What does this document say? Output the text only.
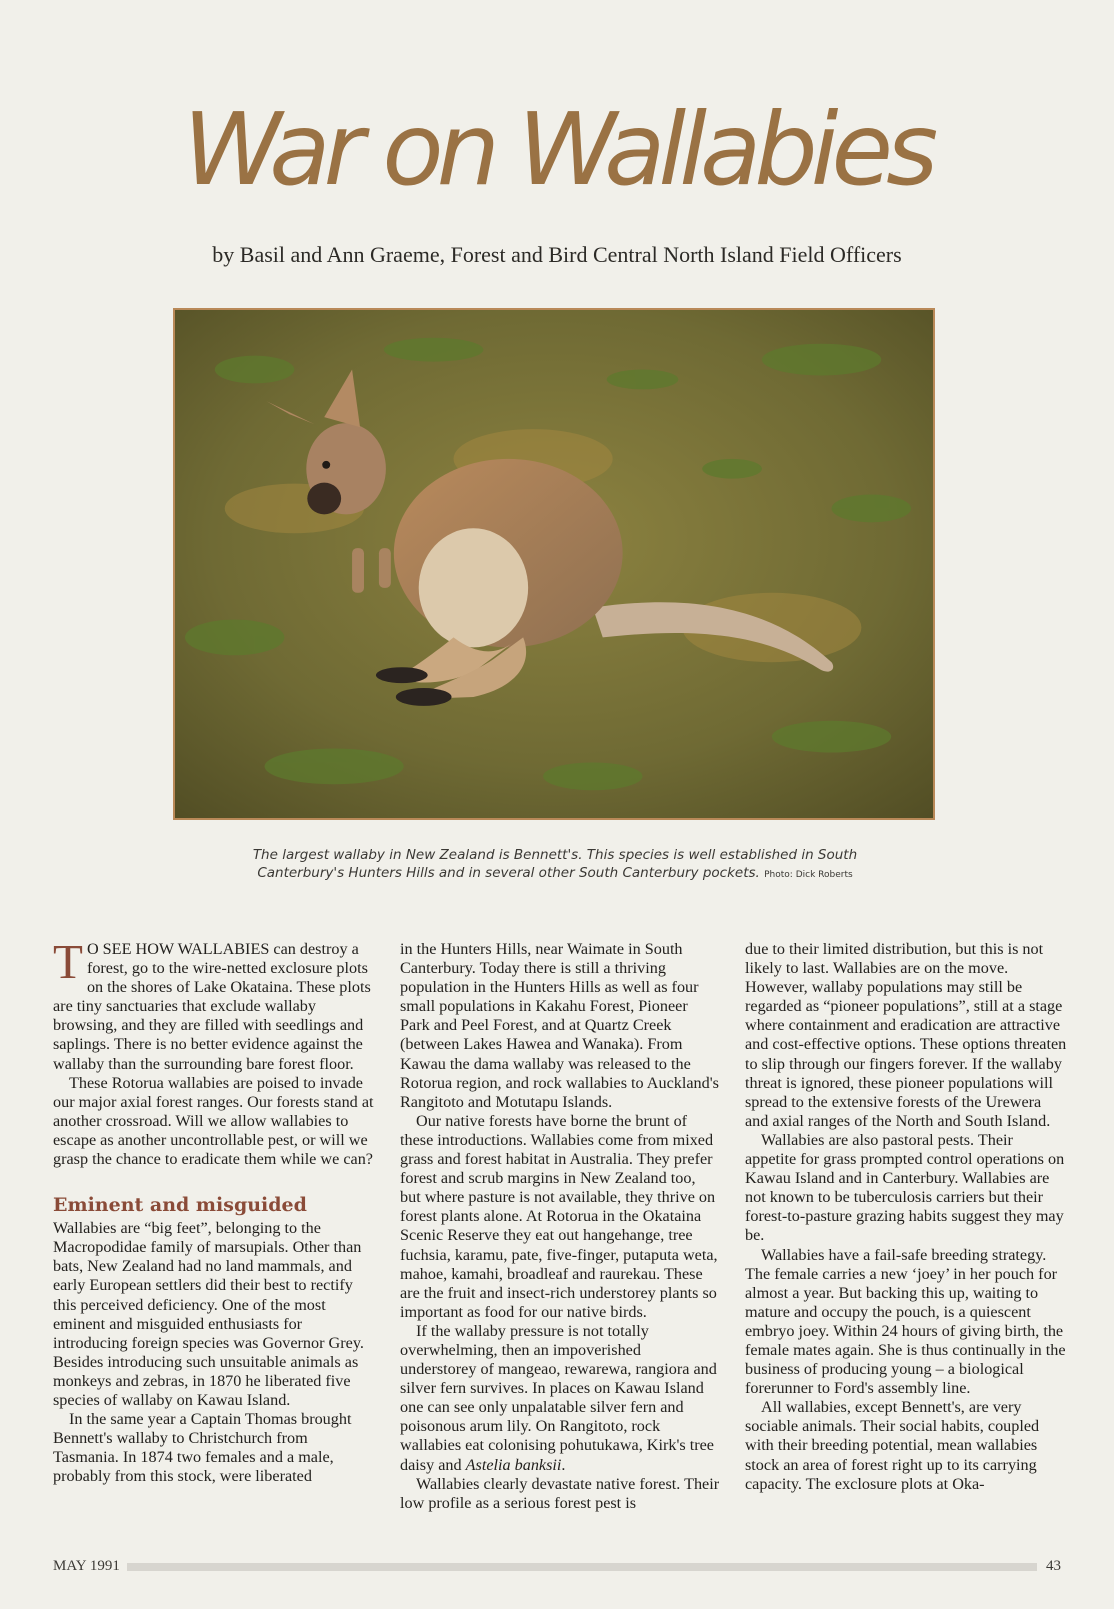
War on Wallabies

by Basil and Ann Graeme, Forest and Bird Central North Island Field Officers

The largest wallaby in New Zealand is Bennett's. This species is well established in South
Canterbury's Hunters Hills and in several other South Canterbury pockets. Photo: Dick Roberts

T O SEE HOW WALLABIES can destroy a forest, go to the wire-netted exclosure plots on the shores of Lake Okataina. These plots are tiny sanctuaries that exclude wallaby browsing, and they are filled with seedlings and saplings. There is no better evidence against the wallaby than the surrounding bare forest floor.

These Rotorua wallabies are poised to invade our major axial forest ranges. Our forests stand at another crossroad. Will we allow wallabies to escape as another uncontrollable pest, or will we grasp the chance to eradicate them while we can?

Eminent and misguided

Wallabies are “big feet”, belonging to the Macropodidae family of marsupials. Other than bats, New Zealand had no land mammals, and early European settlers did their best to rectify this perceived deficiency. One of the most eminent and misguided enthusiasts for introducing foreign species was Governor Grey. Besides introducing such unsuitable animals as monkeys and zebras, in 1870 he liberated five species of wallaby on Kawau Island.

In the same year a Captain Thomas brought Bennett's wallaby to Christchurch from Tasmania. In 1874 two females and a male, probably from this stock, were liberated

in the Hunters Hills, near Waimate in South Canterbury. Today there is still a thriving population in the Hunters Hills as well as four small populations in Kakahu Forest, Pioneer Park and Peel Forest, and at Quartz Creek (between Lakes Hawea and Wanaka). From Kawau the dama wallaby was released to the Rotorua region, and rock wallabies to Auckland's Rangitoto and Motutapu Islands.

Our native forests have borne the brunt of these introductions. Wallabies come from mixed grass and forest habitat in Australia. They prefer forest and scrub margins in New Zealand too, but where pasture is not available, they thrive on forest plants alone. At Rotorua in the Okataina Scenic Reserve they eat out hangehange, tree fuchsia, karamu, pate, five-finger, putaputa weta, mahoe, kamahi, broadleaf and raurekau. These are the fruit and insect-rich understorey plants so important as food for our native birds.

If the wallaby pressure is not totally overwhelming, then an impoverished understorey of mangeao, rewarewa, rangiora and silver fern survives. In places on Kawau Island one can see only unpalatable silver fern and poisonous arum lily. On Rangitoto, rock wallabies eat colonising pohutukawa, Kirk's tree daisy and Astelia banksii.

Wallabies clearly devastate native forest. Their low profile as a serious forest pest is

due to their limited distribution, but this is not likely to last. Wallabies are on the move. However, wallaby populations may still be regarded as “pioneer populations”, still at a stage where containment and eradication are attractive and cost-effective options. These options threaten to slip through our fingers forever. If the wallaby threat is ignored, these pioneer populations will spread to the extensive forests of the Urewera and axial ranges of the North and South Island.

Wallabies are also pastoral pests. Their appetite for grass prompted control operations on Kawau Island and in Canterbury. Wallabies are not known to be tuberculosis carriers but their forest-to-pasture grazing habits suggest they may be.

Wallabies have a fail-safe breeding strategy. The female carries a new ‘joey’ in her pouch for almost a year. But backing this up, waiting to mature and occupy the pouch, is a quiescent embryo joey. Within 24 hours of giving birth, the female mates again. She is thus continually in the business of producing young – a biological forerunner to Ford's assembly line.

All wallabies, except Bennett's, are very sociable animals. Their social habits, coupled with their breeding potential, mean wallabies stock an area of forest right up to its carrying capacity. The exclosure plots at Oka-

MAY 1991	43
